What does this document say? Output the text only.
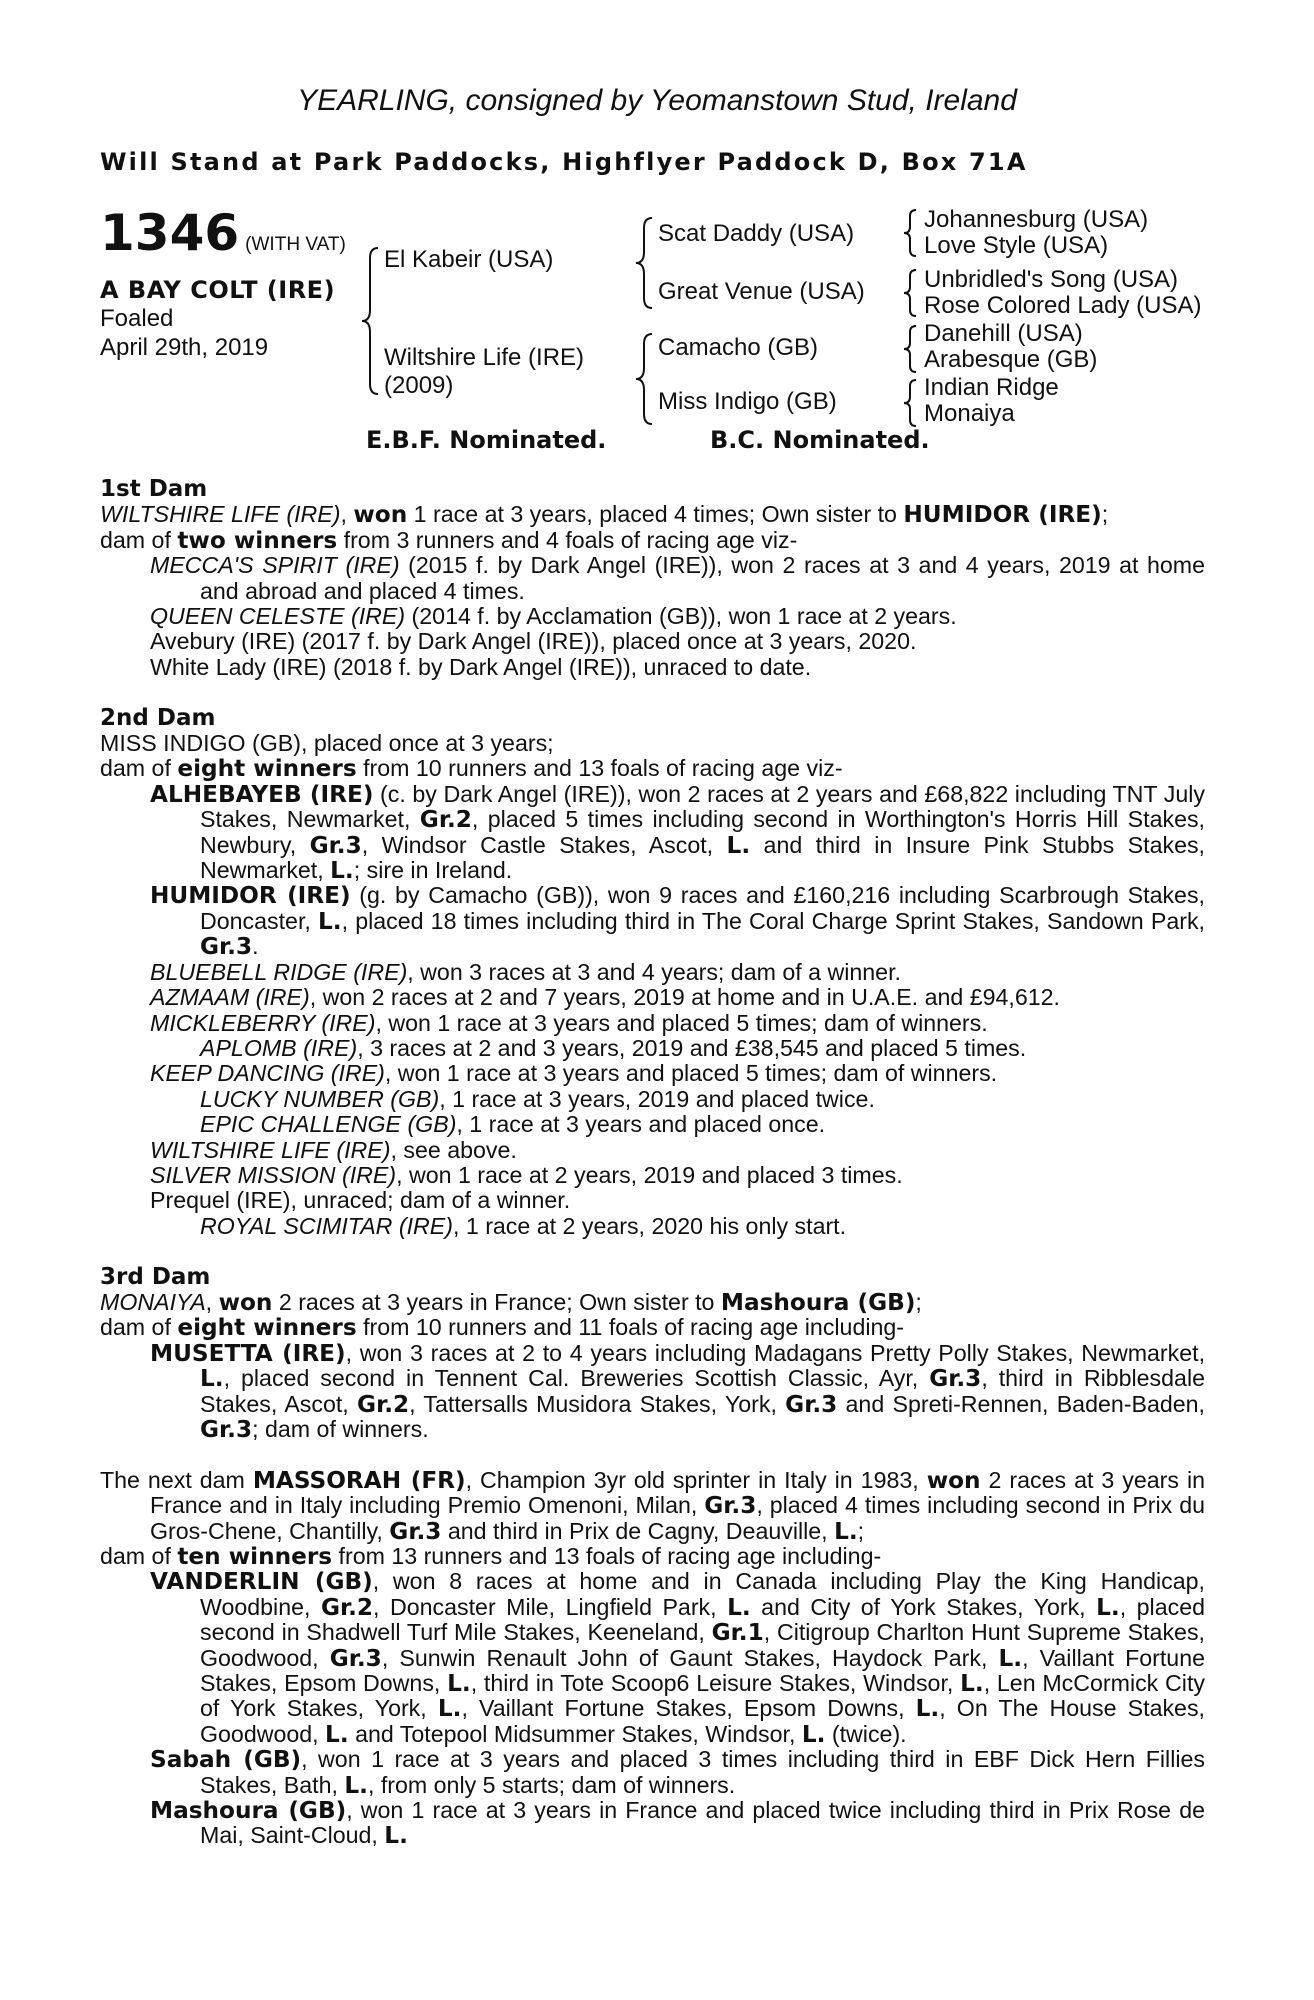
YEARLING, consigned by Yeomanstown Stud, Ireland
Will Stand at Park Paddocks, Highflyer Paddock D, Box 71A
1346 (WITH VAT)
A BAY COLT (IRE)
Foaled
April 29th, 2019
El Kabeir (USA)
Wiltshire Life (IRE)
(2009)
Scat Daddy (USA)
Great Venue (USA)
Camacho (GB)
Miss Indigo (GB)
Johannesburg (USA)
Love Style (USA)
Unbridled's Song (USA)
Rose Colored Lady (USA)
Danehill (USA)
Arabesque (GB)
Indian Ridge
Monaiya
E.B.F. Nominated.	B.C. Nominated.
1st Dam

WILTSHIRE LIFE (IRE), won 1 race at 3 years, placed 4 times; Own sister to HUMIDOR (IRE);

dam of two winners from 3 runners and 4 foals of racing age viz-

MECCA'S SPIRIT (IRE) (2015 f. by Dark Angel (IRE)), won 2 races at 3 and 4 years, 2019 at home and abroad and placed 4 times.

QUEEN CELESTE (IRE) (2014 f. by Acclamation (GB)), won 1 race at 2 years.

Avebury (IRE) (2017 f. by Dark Angel (IRE)), placed once at 3 years, 2020.

White Lady (IRE) (2018 f. by Dark Angel (IRE)), unraced to date.

2nd Dam

MISS INDIGO (GB), placed once at 3 years;

dam of eight winners from 10 runners and 13 foals of racing age viz-

ALHEBAYEB (IRE) (c. by Dark Angel (IRE)), won 2 races at 2 years and £68,822 including TNT July Stakes, Newmarket, Gr.2, placed 5 times including second in Worthington's Horris Hill Stakes, Newbury, Gr.3, Windsor Castle Stakes, Ascot, L. and third in Insure Pink Stubbs Stakes, Newmarket, L.; sire in Ireland.

HUMIDOR (IRE) (g. by Camacho (GB)), won 9 races and £160,216 including Scarbrough Stakes, Doncaster, L., placed 18 times including third in The Coral Charge Sprint Stakes, Sandown Park, Gr.3.

BLUEBELL RIDGE (IRE), won 3 races at 3 and 4 years; dam of a winner.

AZMAAM (IRE), won 2 races at 2 and 7 years, 2019 at home and in U.A.E. and £94,612.

MICKLEBERRY (IRE), won 1 race at 3 years and placed 5 times; dam of winners.

APLOMB (IRE), 3 races at 2 and 3 years, 2019 and £38,545 and placed 5 times.

KEEP DANCING (IRE), won 1 race at 3 years and placed 5 times; dam of winners.

LUCKY NUMBER (GB), 1 race at 3 years, 2019 and placed twice.

EPIC CHALLENGE (GB), 1 race at 3 years and placed once.

WILTSHIRE LIFE (IRE), see above.

SILVER MISSION (IRE), won 1 race at 2 years, 2019 and placed 3 times.

Prequel (IRE), unraced; dam of a winner.

ROYAL SCIMITAR (IRE), 1 race at 2 years, 2020 his only start.

3rd Dam

MONAIYA, won 2 races at 3 years in France; Own sister to Mashoura (GB);

dam of eight winners from 10 runners and 11 foals of racing age including-

MUSETTA (IRE), won 3 races at 2 to 4 years including Madagans Pretty Polly Stakes, Newmarket, L., placed second in Tennent Cal. Breweries Scottish Classic, Ayr, Gr.3, third in Ribblesdale Stakes, Ascot, Gr.2, Tattersalls Musidora Stakes, York, Gr.3 and Spreti-Rennen, Baden-Baden, Gr.3; dam of winners.

The next dam MASSORAH (FR), Champion 3yr old sprinter in Italy in 1983, won 2 races at 3 years in France and in Italy including Premio Omenoni, Milan, Gr.3, placed 4 times including second in Prix du Gros-Chene, Chantilly, Gr.3 and third in Prix de Cagny, Deauville, L.;

dam of ten winners from 13 runners and 13 foals of racing age including-

VANDERLIN (GB), won 8 races at home and in Canada including Play the King Handicap, Woodbine, Gr.2, Doncaster Mile, Lingfield Park, L. and City of York Stakes, York, L., placed second in Shadwell Turf Mile Stakes, Keeneland, Gr.1, Citigroup Charlton Hunt Supreme Stakes, Goodwood, Gr.3, Sunwin Renault John of Gaunt Stakes, Haydock Park, L., Vaillant Fortune Stakes, Epsom Downs, L., third in Tote Scoop6 Leisure Stakes, Windsor, L., Len McCormick City of York Stakes, York, L., Vaillant Fortune Stakes, Epsom Downs, L., On The House Stakes, Goodwood, L. and Totepool Midsummer Stakes, Windsor, L. (twice).

Sabah (GB), won 1 race at 3 years and placed 3 times including third in EBF Dick Hern Fillies Stakes, Bath, L., from only 5 starts; dam of winners.

Mashoura (GB), won 1 race at 3 years in France and placed twice including third in Prix Rose de Mai, Saint-Cloud, L.
